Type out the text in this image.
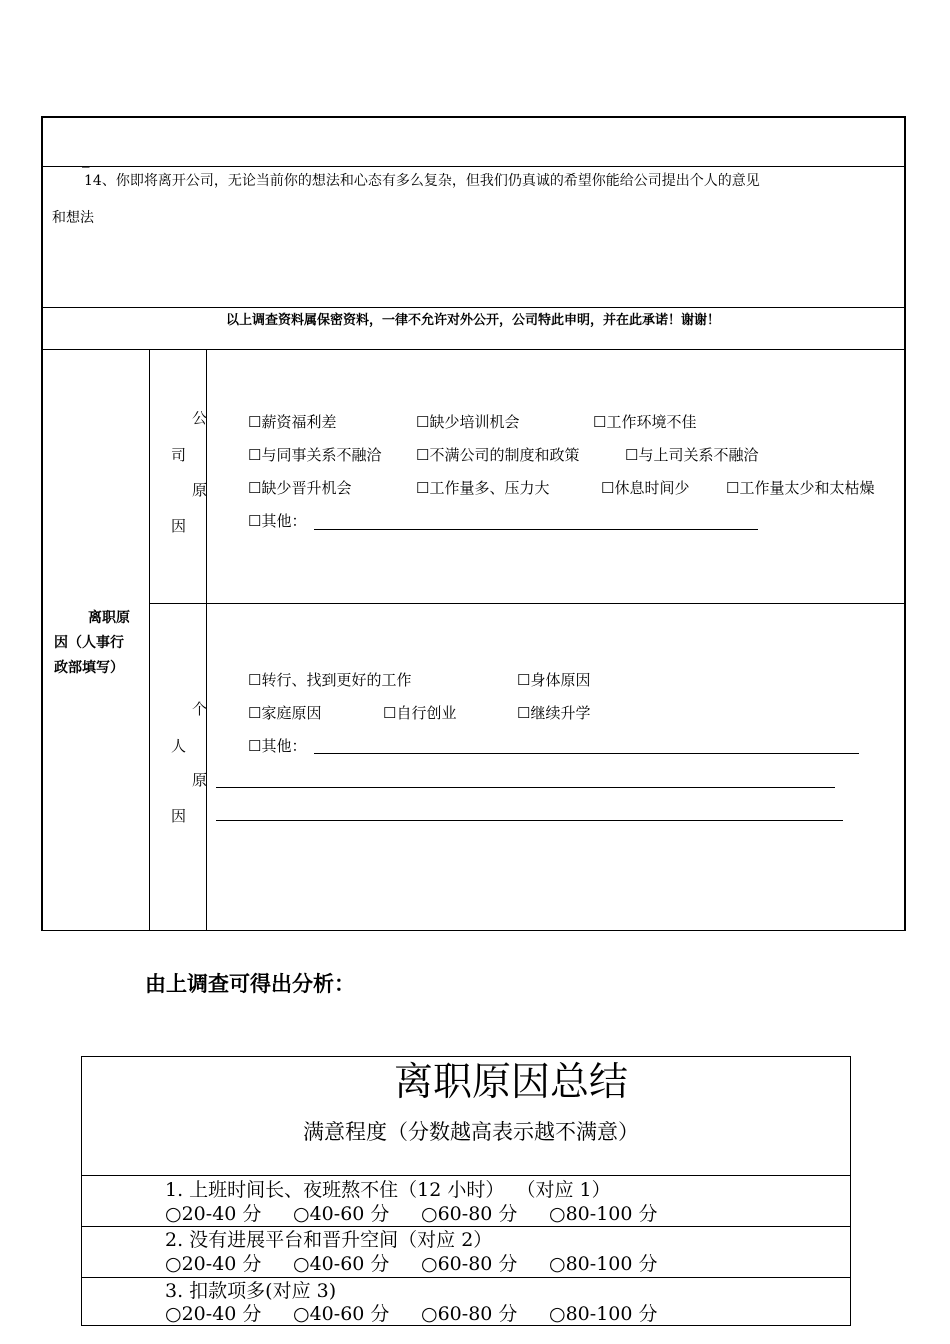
_
14、你即将离开公司，无论当前你的想法和心态有多么复杂，但我们仍真诚的希望你能给公司提出个人的意见
和想法
以上调查资料属保密资料，一律不允许对外公开，公司特此申明，并在此承诺！谢谢！
离职原
因（人事行
政部填写）
公
司
原
因
☐薪资福利差	☐缺少培训机会	☐工作环境不佳
☐与同事关系不融洽 ☐不满公司的制度和政策	☐与上司关系不融洽
☐缺少晋升机会	☐工作量多、压力大	☐休息时间少 ☐工作量太少和太枯燥
☐其他：
个
人
原
因
☐转行、找到更好的工作	☐身体原因
☐家庭原因	☐自行创业	☐继续升学
☐其他：
由上调查可得出分析：
离职原因总结
满意程度（分数越高表示越不满意）
1. 上班时间长、夜班熬不住（12 小时）  （对应 1）
○20-40 分 ○40-60 分 ○60-80 分 ○80-100 分
2. 没有进展平台和晋升空间（对应 2）
○20-40 分 ○40-60 分 ○60-80 分 ○80-100 分
3. 扣款项多(对应 3)
○20-40 分 ○40-60 分 ○60-80 分 ○80-100 分
